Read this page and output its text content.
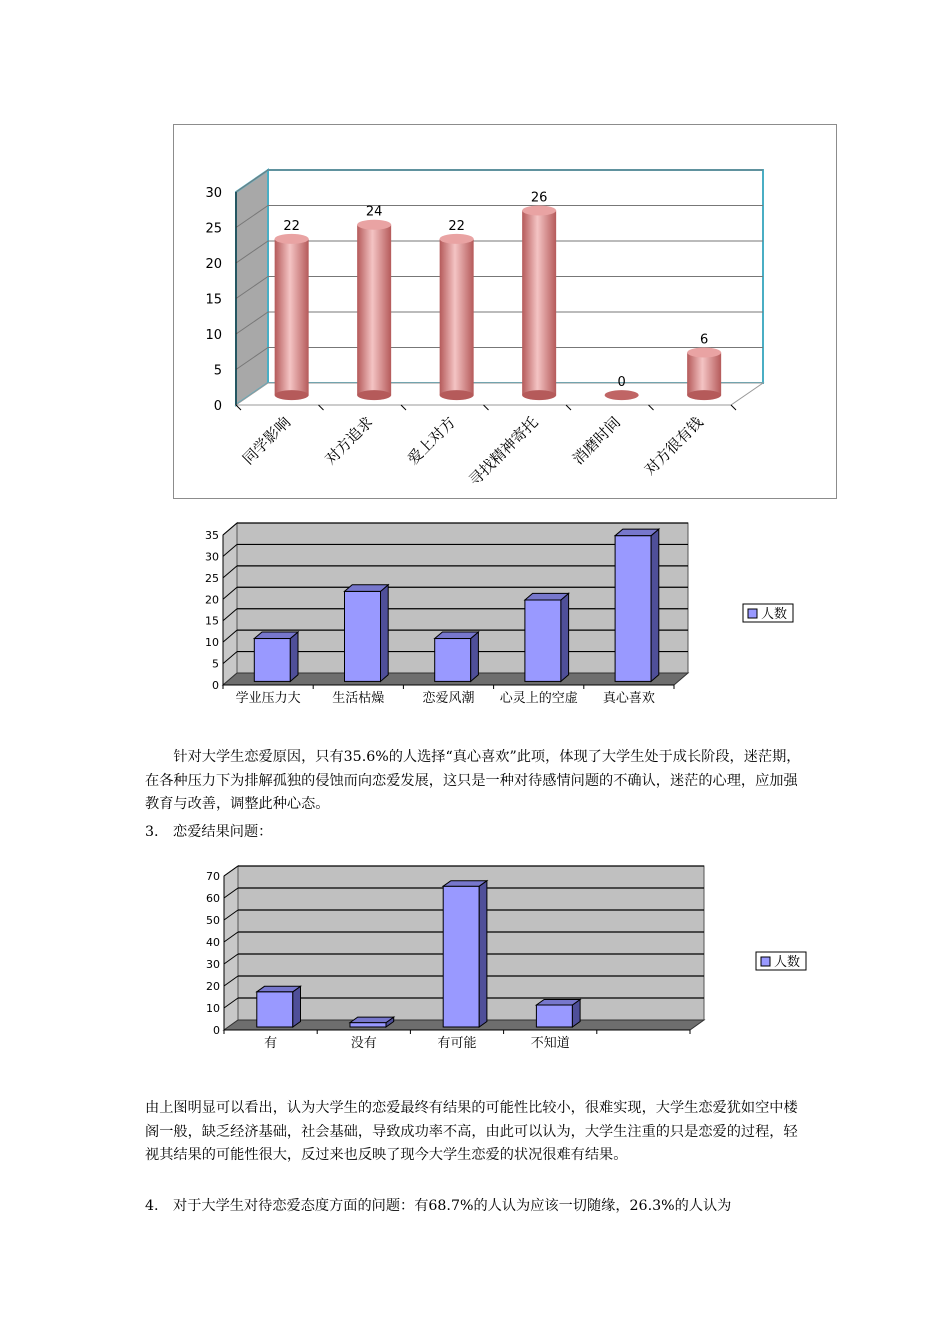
0
5
10
15
20
25
30
22
同学影响
24
对方追求
22
爱上对方
26
寻找精神寄托
0
消磨时间
6
对方很有钱
0
5
10
15
20
25
30
35
学业压力大 生活枯燥	恋爱风潮 心灵上的空虚 真心喜欢
人数

针对大学生恋爱原因，只有35.6%的人选择“真心喜欢”此项，体现了大学生处于成长阶段，迷茫期，在各种压力下为排解孤独的侵蚀而向恋爱发展，这只是一种对待感情问题的不确认，迷茫的心理，应加强教育与改善，调整此种心态。

3. 恋爱结果问题：

0
10
20
30
40
50
60
70
有	没有	有可能	不知道
人数

由上图明显可以看出，认为大学生的恋爱最终有结果的可能性比较小，很难实现，大学生恋爱犹如空中楼阁一般，缺乏经济基础，社会基础，导致成功率不高，由此可以认为，大学生注重的只是恋爱的过程，轻视其结果的可能性很大，反过来也反映了现今大学生恋爱的状况很难有结果。

4. 对于大学生对待恋爱态度方面的问题：有68.7%的人认为应该一切随缘，26.3%的人认为
